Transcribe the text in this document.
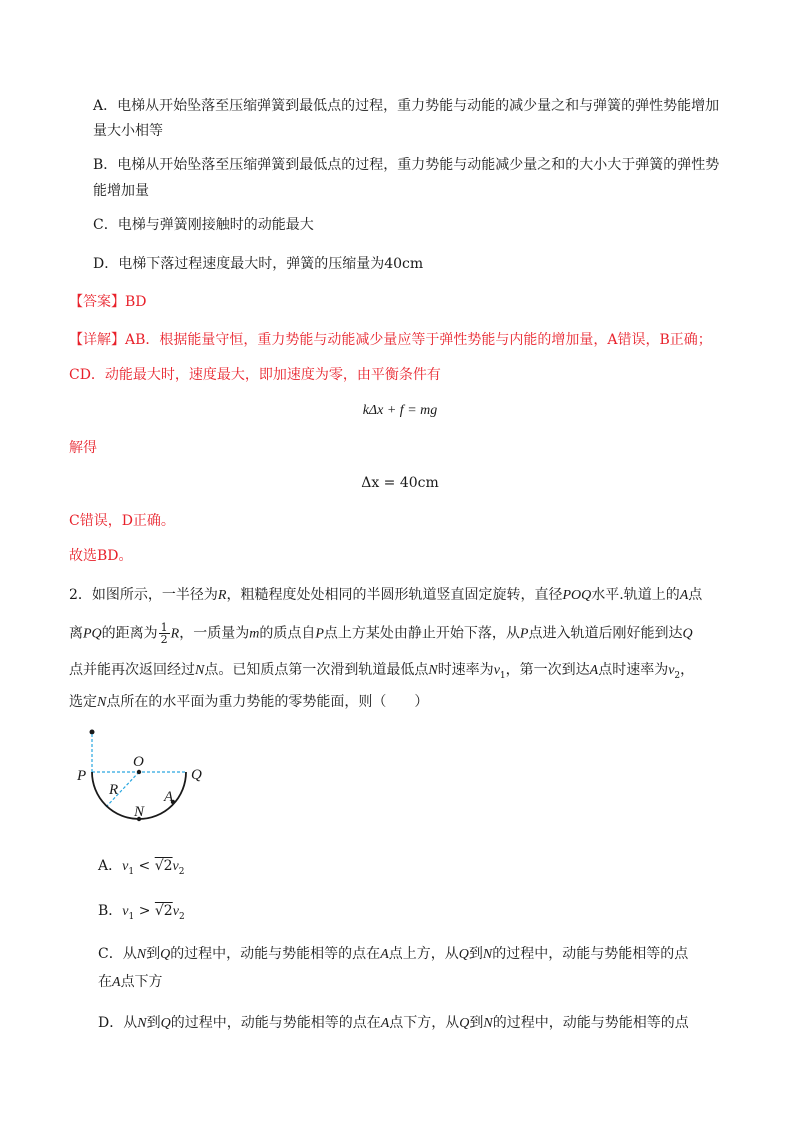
A．电梯从开始坠落至压缩弹簧到最低点的过程，重力势能与动能的减少量之和与弹簧的弹性势能增加
量大小相等
B．电梯从开始坠落至压缩弹簧到最低点的过程，重力势能与动能减少量之和的大小大于弹簧的弹性势
能增加量
C．电梯与弹簧刚接触时的动能最大
D．电梯下落过程速度最大时，弹簧的压缩量为40cm
【答案】BD
【详解】AB．根据能量守恒，重力势能与动能减少量应等于弹性势能与内能的增加量，A错误，B正确；
CD．动能最大时，速度最大，即加速度为零，由平衡条件有
kΔx + f = mg
解得
Δx = 40cm
C错误，D正确。
故选BD。
2．如图所示，一半径为R，粗糙程度处处相同的半圆形轨道竖直固定旋转，直径POQ水平.轨道上的A点
离PQ的距离为 $\frac{1}{2}$ R，一质量为m的质点自P点上方某处由静止开始下落，从P点进入轨道后刚好能到达Q
点并能再次返回经过N点。已知质点第一次滑到轨道最低点N时速率为$v_1$，第一次到达A点时速率为$v_2$，
选定N点所在的水平面为重力势能的零势能面，则（　　）
P
O
Q
R	A
N
A．$v_1 < √2v_2$
B．$v_1 > √2v_2$
C．从N到Q的过程中，动能与势能相等的点在A点上方，从Q到N的过程中，动能与势能相等的点
在A点下方
D．从N到Q的过程中，动能与势能相等的点在A点下方，从Q到N的过程中，动能与势能相等的点
